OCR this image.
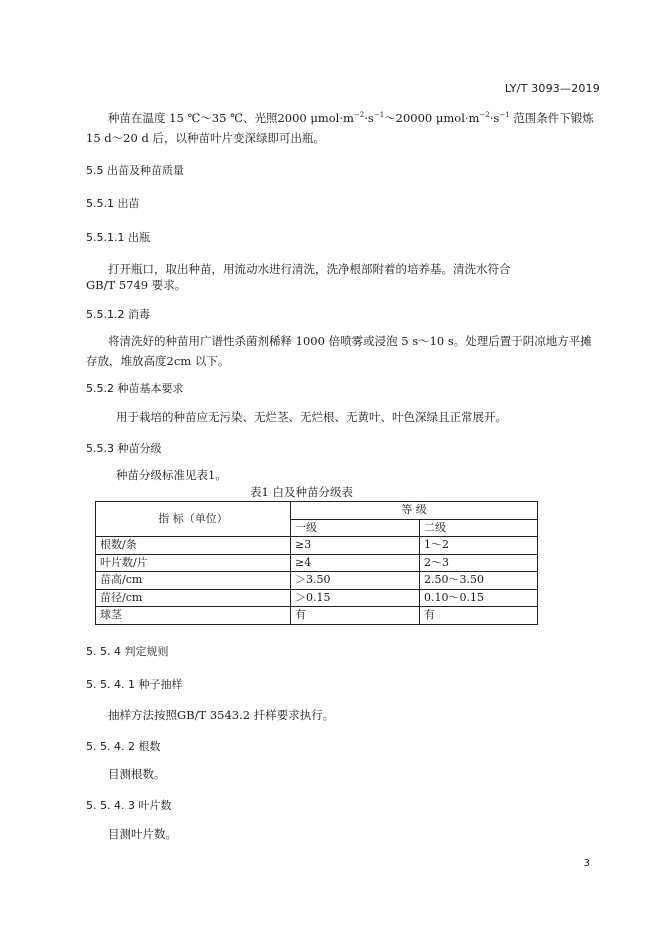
LY/T 3093—2019
种苗在温度 15 ℃～35 ℃、光照2000 $\mu mol\cdot m^{-2}\cdot s^{-1}\sim 20000$ $\mu mol\cdot m^{-2}\cdot s^{-1}$ 范围条件下锻炼15 d～20 d 后，以种苗叶片变深绿即可出瓶。
5.5 出苗及种苗质量
5.5.1 出苗
5.5.1.1 出瓶
打开瓶口，取出种苗，用流动水进行清洗，洗净根部附着的培养基。清洗水符合
GB/T 5749 要求。
5.5.1.2 消毒
将清洗好的种苗用广谱性杀菌剂稀释 1000 倍喷雾或浸泡 5 s～10 s。处理后置于阴凉地方平摊存放，堆放高度2cm 以下。
5.5.2 种苗基本要求
用于栽培的种苗应无污染、无烂茎、无烂根、无黄叶、叶色深绿且正常展开。
5.5.3 种苗分级
种苗分级标准见表1。
表1 白及种苗分级表
指 标（单位）	等 级	
	一级	二级
根数/条	≥3	1～2
叶片数/片	≥4	2～3
苗高/cm	＞3.50	2.50～3.50
苗径/cm	＞0.15	0.10～0.15
球茎	有	有
5. 5. 4 判定规则
5. 5. 4. 1 种子抽样
抽样方法按照GB/T 3543.2 扦样要求执行。
5. 5. 4. 2 根数
目测根数。
5. 5. 4. 3 叶片数
目测叶片数。
3
